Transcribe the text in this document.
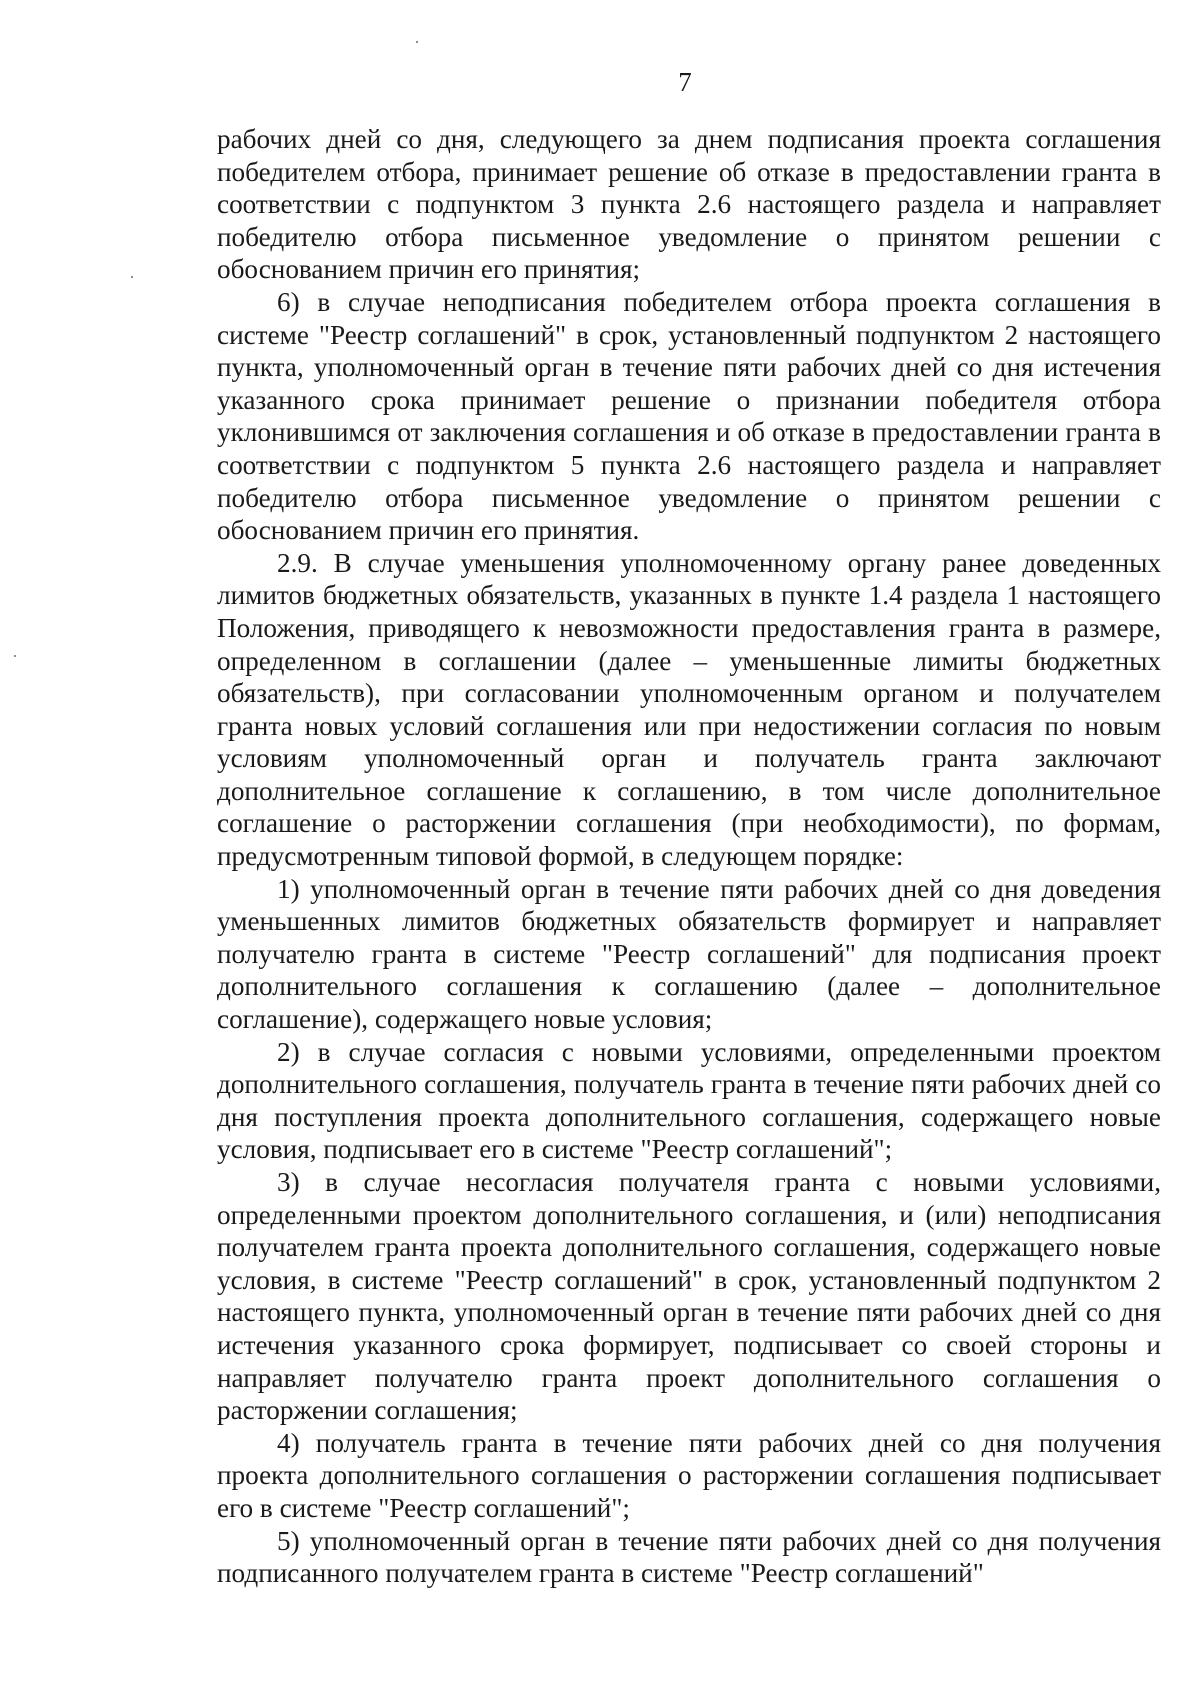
7

рабочих дней со дня, следующего за днем подписания проекта соглашения победителем отбора, принимает решение об отказе в предоставлении гранта в соответствии с подпунктом 3 пункта 2.6 настоящего раздела и направляет победителю отбора письменное уведомление о принятом решении с обоснованием причин его принятия;

6) в случае неподписания победителем отбора проекта соглашения в системе "Реестр соглашений" в срок, установленный подпунктом 2 настоящего пункта, уполномоченный орган в течение пяти рабочих дней со дня истечения указанного срока принимает решение о признании победителя отбора уклонившимся от заключения соглашения и об отказе в предоставлении гранта в соответствии с подпунктом 5 пункта 2.6 настоящего раздела и направляет победителю отбора письменное уведомление о принятом решении с обоснованием причин его принятия.

2.9. В случае уменьшения уполномоченному органу ранее доведенных лимитов бюджетных обязательств, указанных в пункте 1.4 раздела 1 настоящего Положения, приводящего к невозможности предоставления гранта в размере, определенном в соглашении (далее – уменьшенные лимиты бюджетных обязательств), при согласовании уполномоченным органом и получателем гранта новых условий соглашения или при недостижении согласия по новым условиям уполномоченный орган и получатель гранта заключают дополнительное соглашение к соглашению, в том числе дополнительное соглашение о расторжении соглашения (при необходимости), по формам, предусмотренным типовой формой, в следующем порядке:

1) уполномоченный орган в течение пяти рабочих дней со дня доведения уменьшенных лимитов бюджетных обязательств формирует и направляет получателю гранта в системе "Реестр соглашений" для подписания проект дополнительного соглашения к соглашению (далее – дополнительное соглашение), содержащего новые условия;

2) в случае согласия с новыми условиями, определенными проектом дополнительного соглашения, получатель гранта в течение пяти рабочих дней со дня поступления проекта дополнительного соглашения, содержащего новые условия, подписывает его в системе "Реестр соглашений";

3) в случае несогласия получателя гранта с новыми условиями, определенными проектом дополнительного соглашения, и (или) неподписания получателем гранта проекта дополнительного соглашения, содержащего новые условия, в системе "Реестр соглашений" в срок, установленный подпунктом 2 настоящего пункта, уполномоченный орган в течение пяти рабочих дней со дня истечения указанного срока формирует, подписывает со своей стороны и направляет получателю гранта проект дополнительного соглашения о расторжении соглашения;

4) получатель гранта в течение пяти рабочих дней со дня получения проекта дополнительного соглашения о расторжении соглашения подписывает его в системе "Реестр соглашений";

5) уполномоченный орган в течение пяти рабочих дней со дня получения подписанного получателем гранта в системе "Реестр соглашений"
